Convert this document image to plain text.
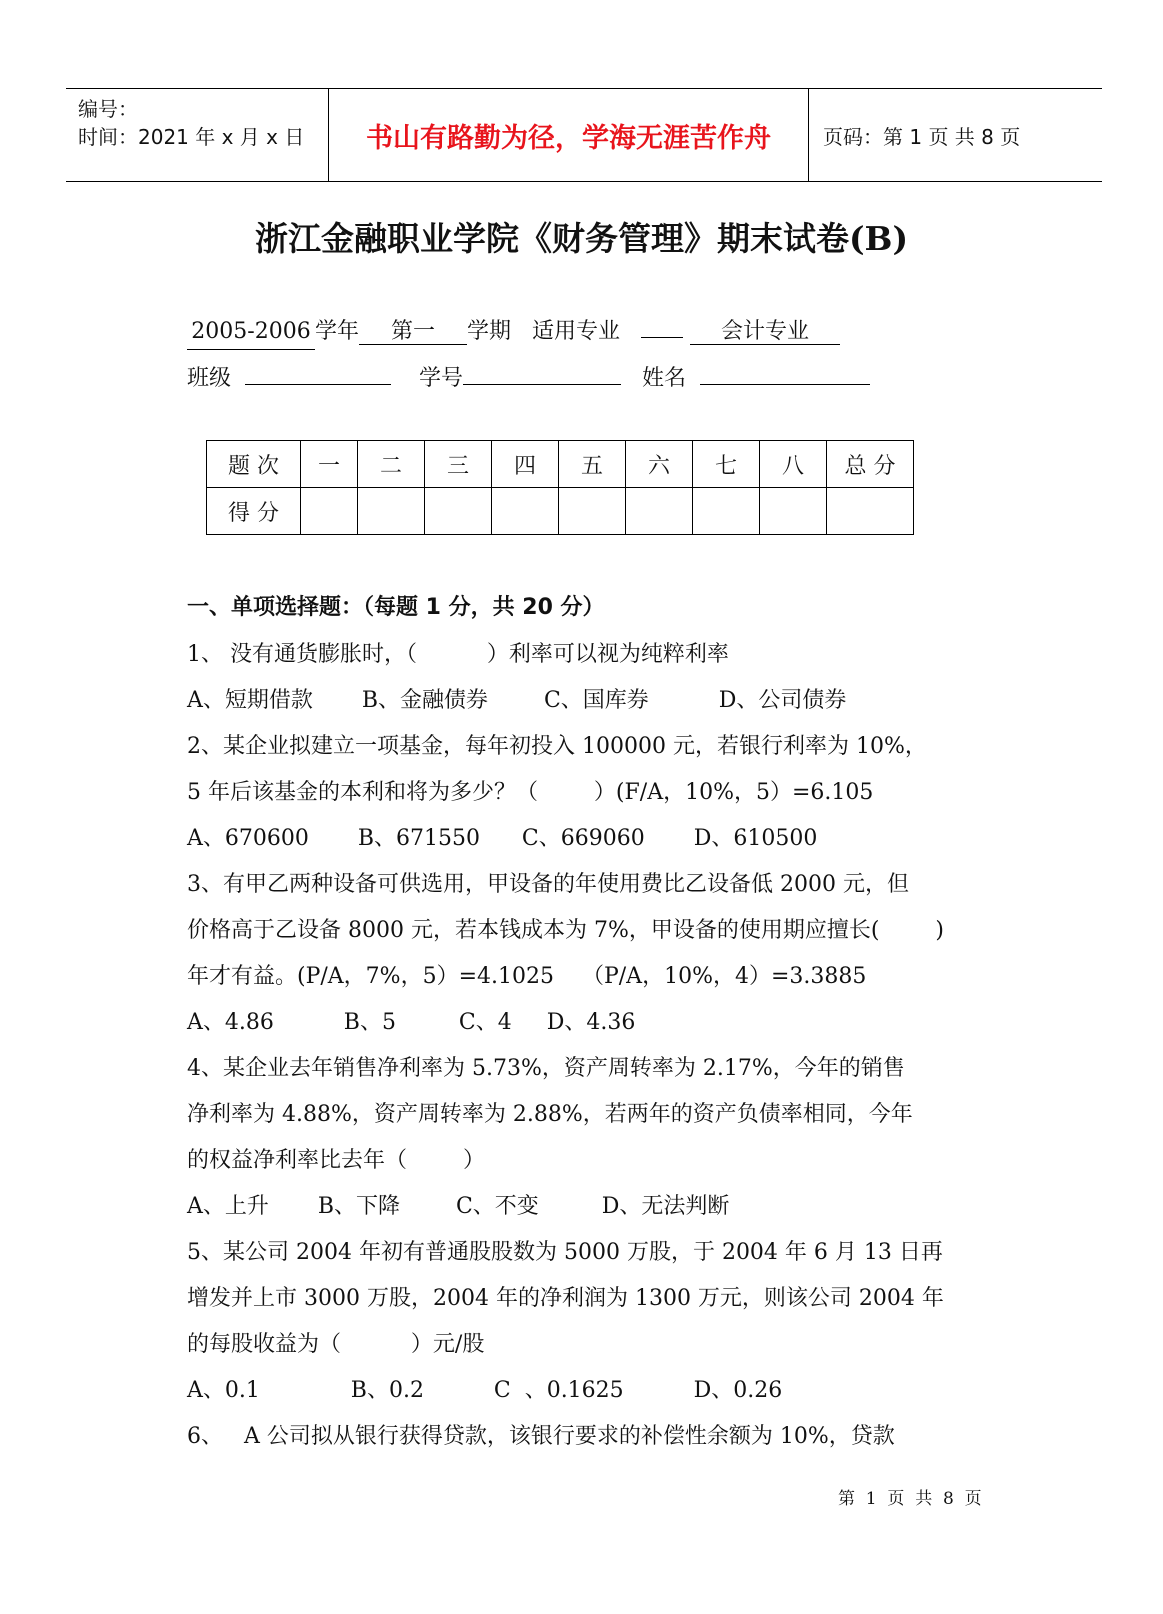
编号：
时间：2021 年 x 月 x 日 书山有路勤为径，学海无涯苦作舟	页码：第 1 页 共 8 页
浙江金融职业学院《财务管理》期末试卷(B)
2005-2006 学年 第一 学期 适用专业	会计专业
班级	学号	姓名
题 次	一	二	三	四	五	六	七	八	总 分
得 分									
一、单项选择题：（每题 1 分，共 20 分）
1、 没有通货膨胀时，（          ）利率可以视为纯粹利率
A、短期借款       B、金融债券        C、国库券          D、公司债券
2、某企业拟建立一项基金，每年初投入 100000 元，若银行利率为 10%，
5 年后该基金的本利和将为多少？（        ）(F/A，10%，5）=6.105
A、670600       B、671550      C、669060       D、610500
3、有甲乙两种设备可供选用，甲设备的年使用费比乙设备低 2000 元，但
价格高于乙设备 8000 元，若本钱成本为 7%，甲设备的使用期应擅长(        )
年才有益。(P/A，7%，5）=4.1025    （P/A，10%，4）=3.3885
A、4.86          B、5         C、4     D、4.36
4、某企业去年销售净利率为 5.73%，资产周转率为 2.17%，今年的销售
净利率为 4.88%，资产周转率为 2.88%，若两年的资产负债率相同，今年
的权益净利率比去年（        ）
A、上升       B、下降        C、不变         D、无法判断
5、某公司 2004 年初有普通股股数为 5000 万股，于 2004 年 6 月 13 日再
增发并上市 3000 万股，2004 年的净利润为 1300 万元，则该公司 2004 年
的每股收益为（          ）元/股
A、0.1             B、0.2          C  、0.1625          D、0.26
6、   A 公司拟从银行获得贷款，该银行要求的补偿性余额为 10%，贷款
第  1  页  共  8  页
